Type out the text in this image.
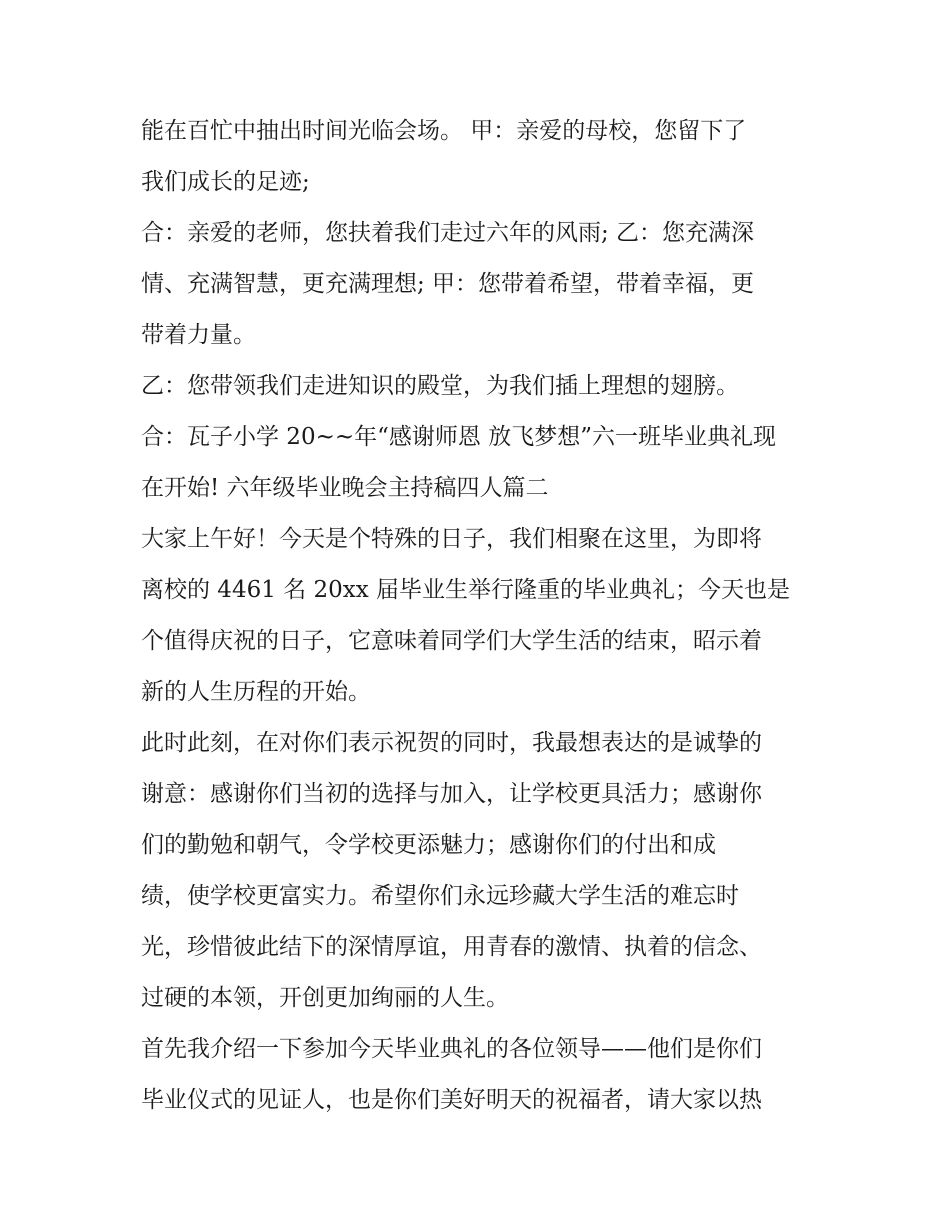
能在百忙中抽出时间光临会场。 甲：亲爱的母校，您留下了
我们成长的足迹;
合：亲爱的老师，您扶着我们走过六年的风雨; 乙：您充满深
情、充满智慧，更充满理想; 甲：您带着希望，带着幸福，更
带着力量。
乙：您带领我们走进知识的殿堂，为我们插上理想的翅膀。
合：瓦子小学 20~~年“感谢师恩 放飞梦想”六一班毕业典礼现
在开始! 六年级毕业晚会主持稿四人篇二
大家上午好！今天是个特殊的日子，我们相聚在这里，为即将
离校的 4461 名 20xx 届毕业生举行隆重的毕业典礼；今天也是
个值得庆祝的日子，它意味着同学们大学生活的结束，昭示着
新的人生历程的开始。
此时此刻，在对你们表示祝贺的同时，我最想表达的是诚挚的
谢意：感谢你们当初的选择与加入，让学校更具活力；感谢你
们的勤勉和朝气，令学校更添魅力；感谢你们的付出和成
绩，使学校更富实力。希望你们永远珍藏大学生活的难忘时
光，珍惜彼此结下的深情厚谊，用青春的激情、执着的信念、
过硬的本领，开创更加绚丽的人生。
首先我介绍一下参加今天毕业典礼的各位领导——他们是你们
毕业仪式的见证人，也是你们美好明天的祝福者，请大家以热
